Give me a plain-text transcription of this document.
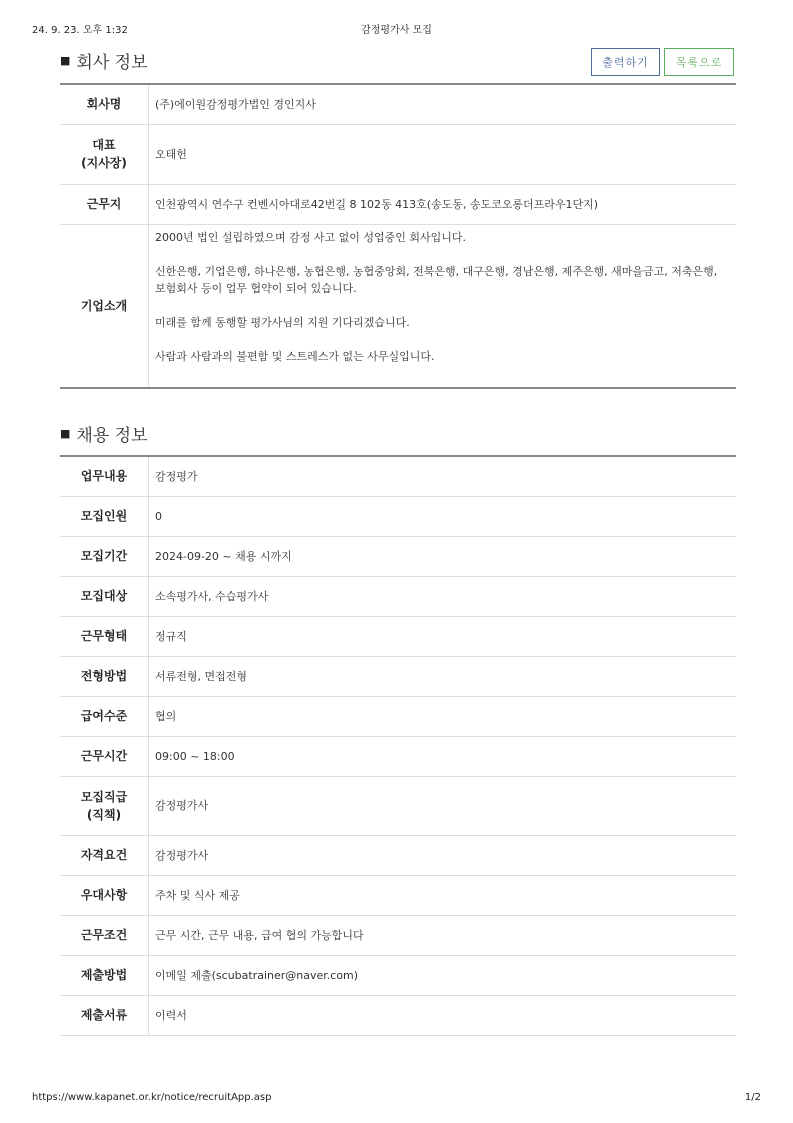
24. 9. 23. 오후 1:32	감정평가사 모집
■ 회사 정보	출력하기	목록으로
회사명	(주)에이원감정평가법인 경인지사

대표
(지사장)	오태헌
근무지	인천광역시 연수구 컨벤시아대로42번길 8 102동 413호(송도동, 송도코오롱더프라우1단지)
기업소개	2000년 법인 설립하였으며 감정 사고 없이 성업중인 회사입니다.

신한은행, 기업은행, 하나은행, 농협은행, 농협중앙회, 전북은행, 대구은행, 경남은행, 제주은행, 새마을금고, 저축은행, 보험회사 등이 업무 협약이 되어 있습니다.

미래를 함께 동행할 평가사님의 지원 기다리겠습니다.

사람과 사람과의 불편함 및 스트레스가 없는 사무실입니다.

■ 채용 정보
업무내용	감정평가
모집인원	0
모집기간	2024-09-20 ~ 채용 시까지
모집대상	소속평가사, 수습평가사
근무형태	정규직
전형방법	서류전형, 면접전형
급여수준	협의
근무시간	09:00 ~ 18:00

모집직급
(직책)	감정평가사
자격요건	감정평가사
우대사항	주차 및 식사 제공
근무조건	근무 시간, 근무 내용, 급여 협의 가능합니다
제출방법	이메일 제출(scubatrainer@naver.com)
제출서류	이력서
https://www.kapanet.or.kr/notice/recruitApp.asp	1/2
